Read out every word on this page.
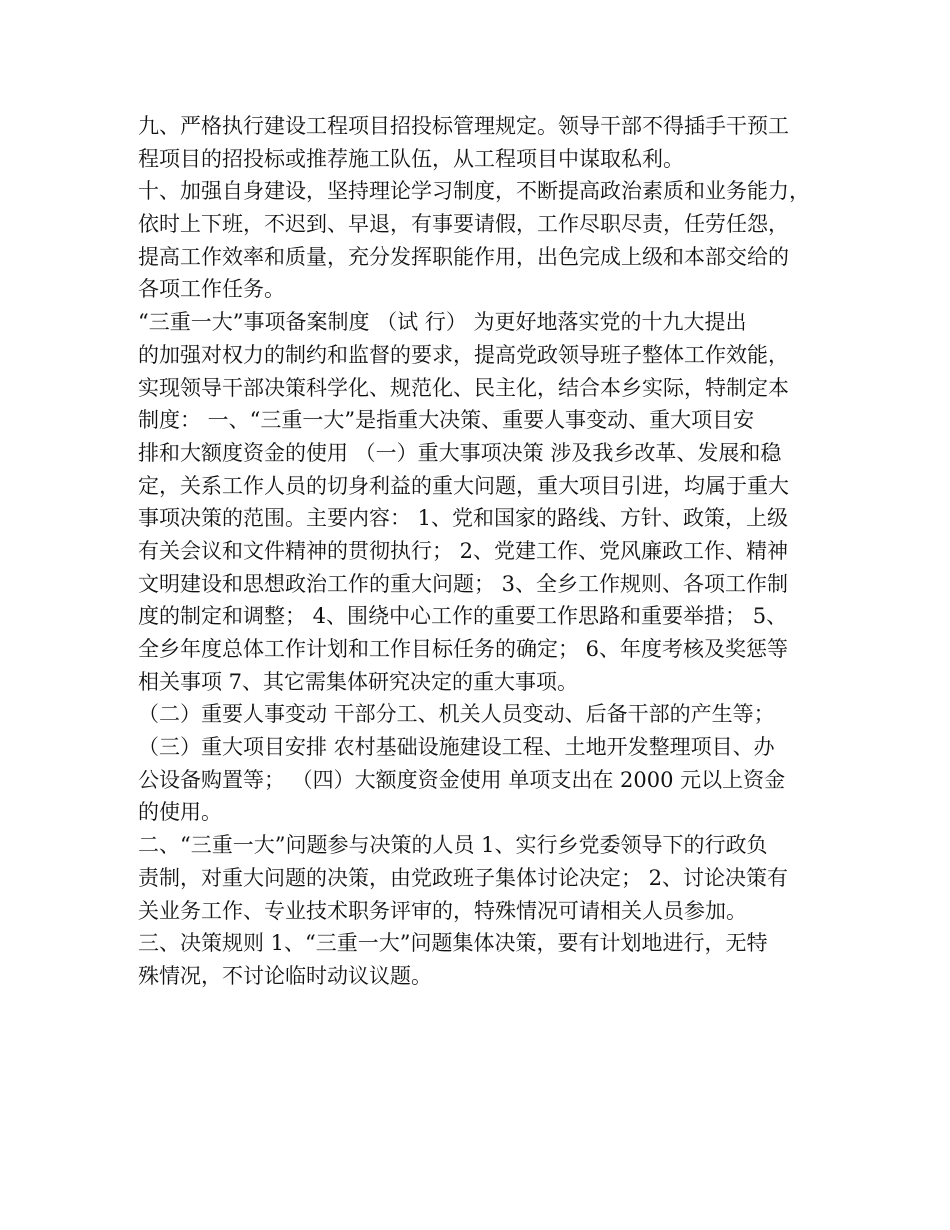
九、严格执行建设工程项目招投标管理规定。领导干部不得插手干预工
程项目的招投标或推荐施工队伍，从工程项目中谋取私利。
十、加强自身建设，坚持理论学习制度，不断提高政治素质和业务能力，
依时上下班，不迟到、早退，有事要请假，工作尽职尽责，任劳任怨，
提高工作效率和质量，充分发挥职能作用，出色完成上级和本部交给的
各项工作任务。
“三重一大”事项备案制度 （试 行） 为更好地落实党的十九大提出
的加强对权力的制约和监督的要求，提高党政领导班子整体工作效能，
实现领导干部决策科学化、规范化、民主化，结合本乡实际，特制定本
制度： 一、“三重一大”是指重大决策、重要人事变动、重大项目安
排和大额度资金的使用 （一）重大事项决策 涉及我乡改革、发展和稳
定，关系工作人员的切身利益的重大问题，重大项目引进，均属于重大
事项决策的范围。主要内容： 1、党和国家的路线、方针、政策，上级
有关会议和文件精神的贯彻执行； 2、党建工作、党风廉政工作、精神
文明建设和思想政治工作的重大问题； 3、全乡工作规则、各项工作制
度的制定和调整； 4、围绕中心工作的重要工作思路和重要举措； 5、
全乡年度总体工作计划和工作目标任务的确定； 6、年度考核及奖惩等
相关事项 7、其它需集体研究决定的重大事项。
（二）重要人事变动 干部分工、机关人员变动、后备干部的产生等；
（三）重大项目安排 农村基础设施建设工程、土地开发整理项目、办
公设备购置等； （四）大额度资金使用 单项支出在 2000 元以上资金
的使用。
二、“三重一大”问题参与决策的人员 1、实行乡党委领导下的行政负
责制，对重大问题的决策，由党政班子集体讨论决定； 2、讨论决策有
关业务工作、专业技术职务评审的，特殊情况可请相关人员参加。
三、决策规则 1、“三重一大”问题集体决策，要有计划地进行，无特
殊情况，不讨论临时动议议题。
